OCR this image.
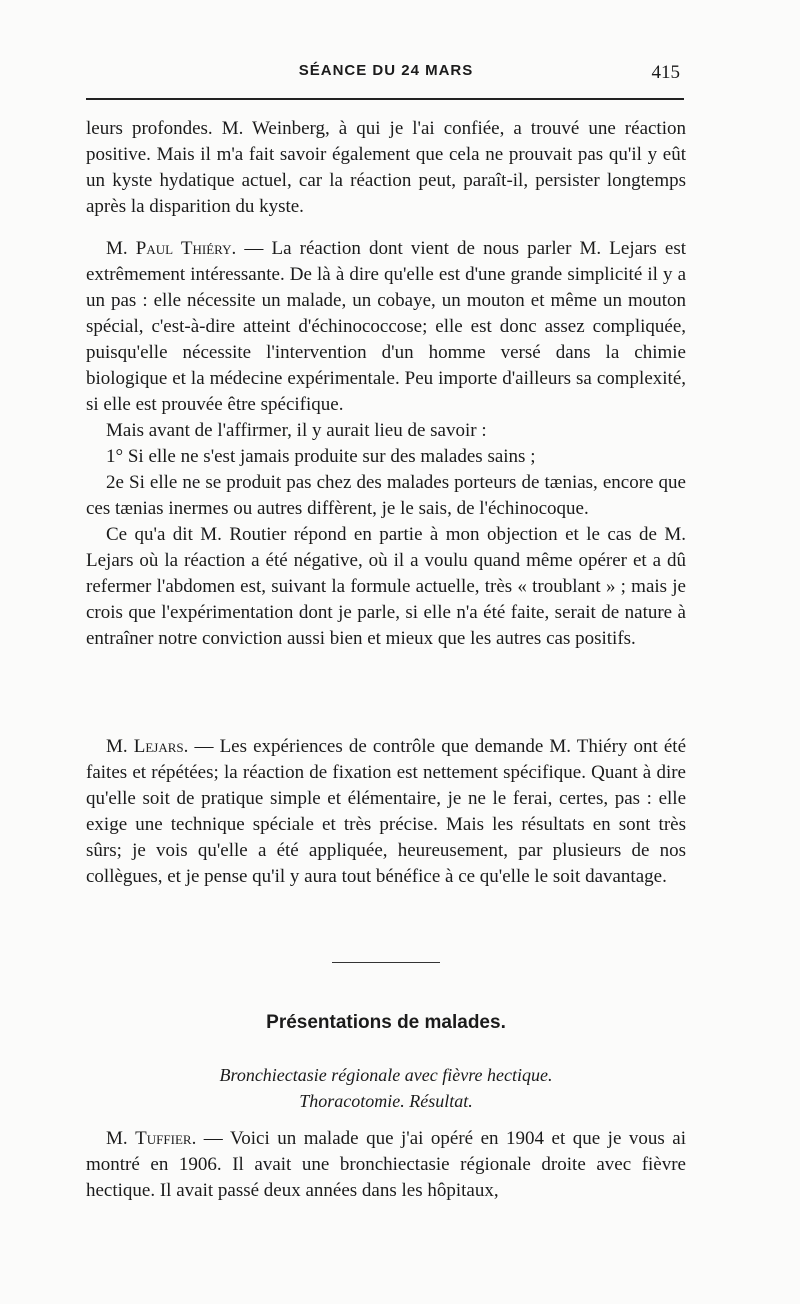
SÉANCE DU 24 MARS	415

leurs profondes. M. Weinberg, à qui je l'ai confiée, a trouvé une réaction positive. Mais il m'a fait savoir également que cela ne prouvait pas qu'il y eût un kyste hydatique actuel, car la réaction peut, paraît-il, persister longtemps après la disparition du kyste.

M. Paul Thiéry. — La réaction dont vient de nous parler M. Lejars est extrêmement intéressante. De là à dire qu'elle est d'une grande simplicité il y a un pas : elle nécessite un malade, un cobaye, un mouton et même un mouton spécial, c'est-à-dire atteint d'échinococcose; elle est donc assez compliquée, puisqu'elle nécessite l'intervention d'un homme versé dans la chimie biologique et la médecine expérimentale. Peu importe d'ailleurs sa complexité, si elle est prouvée être spécifique.

Mais avant de l'affirmer, il y aurait lieu de savoir :

1° Si elle ne s'est jamais produite sur des malades sains ;

2e Si elle ne se produit pas chez des malades porteurs de tænias, encore que ces tænias inermes ou autres diffèrent, je le sais, de l'échinocoque.

Ce qu'a dit M. Routier répond en partie à mon objection et le cas de M. Lejars où la réaction a été négative, où il a voulu quand même opérer et a dû refermer l'abdomen est, suivant la formule actuelle, très « troublant » ; mais je crois que l'expérimentation dont je parle, si elle n'a été faite, serait de nature à entraîner notre conviction aussi bien et mieux que les autres cas positifs.

M. Lejars. — Les expériences de contrôle que demande M. Thiéry ont été faites et répétées; la réaction de fixation est nettement spécifique. Quant à dire qu'elle soit de pratique simple et élémentaire, je ne le ferai, certes, pas : elle exige une technique spéciale et très précise. Mais les résultats en sont très sûrs; je vois qu'elle a été appliquée, heureusement, par plusieurs de nos collègues, et je pense qu'il y aura tout bénéfice à ce qu'elle le soit davantage.

Présentations de malades.
Bronchiectasie régionale avec fièvre hectique.
Thoracotomie. Résultat.

M. Tuffier. — Voici un malade que j'ai opéré en 1904 et que je vous ai montré en 1906. Il avait une bronchiectasie régionale droite avec fièvre hectique. Il avait passé deux années dans les hôpitaux,
